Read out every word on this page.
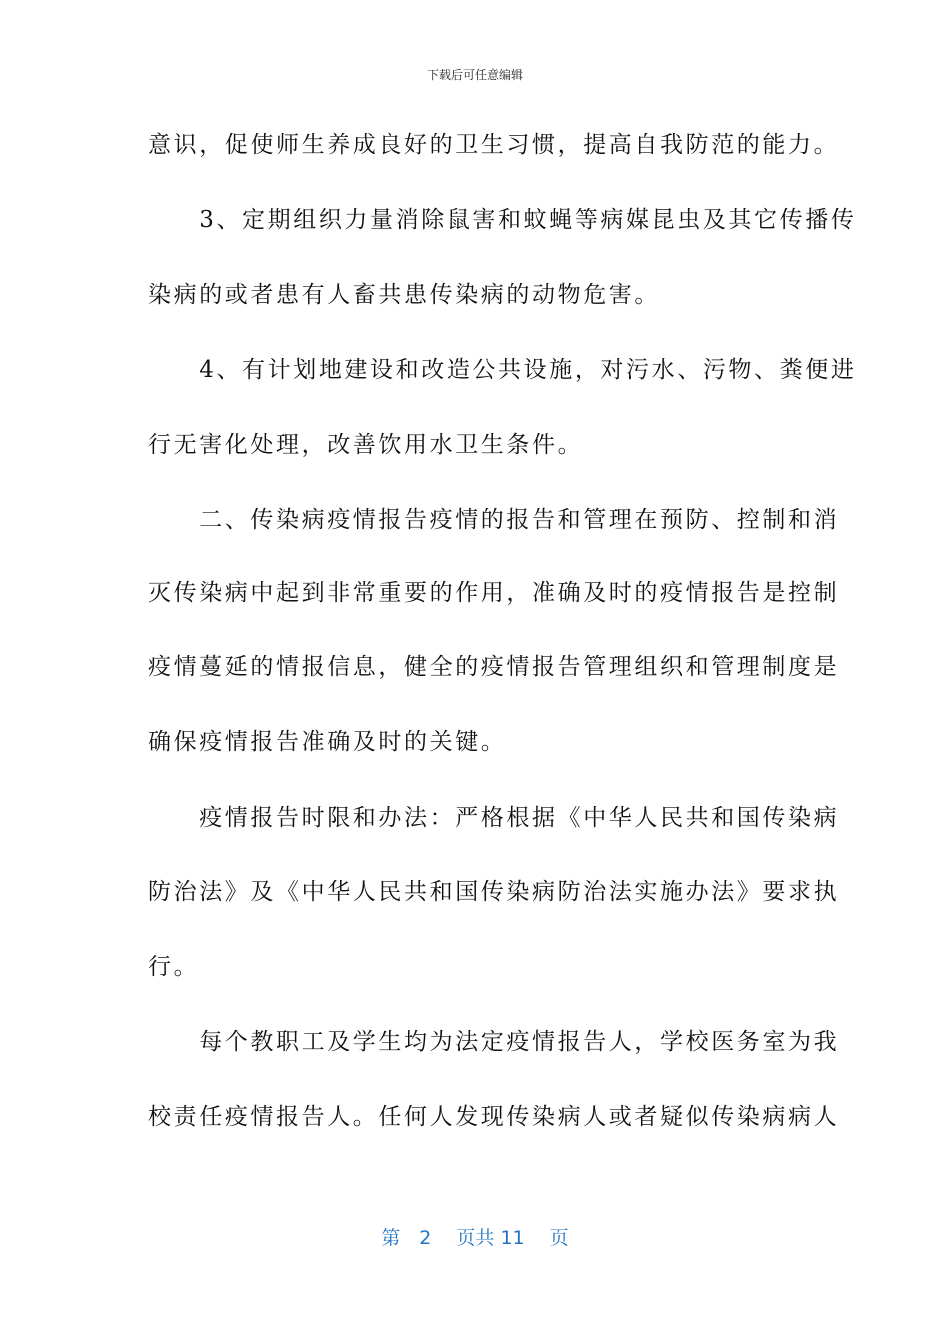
下载后可任意编辑
意识，促使师生养成良好的卫生习惯，提高自我防范的能力。
　　3、定期组织力量消除鼠害和蚊蝇等病媒昆虫及其它传播传
染病的或者患有人畜共患传染病的动物危害。
　　4、有计划地建设和改造公共设施，对污水、污物、粪便进
行无害化处理，改善饮用水卫生条件。
　　二、传染病疫情报告疫情的报告和管理在预防、控制和消
灭传染病中起到非常重要的作用，准确及时的疫情报告是控制
疫情蔓延的情报信息，健全的疫情报告管理组织和管理制度是
确保疫情报告准确及时的关键。
　　疫情报告时限和办法：严格根据《中华人民共和国传染病
防治法》及《中华人民共和国传染病防治法实施办法》要求执
行。
　　每个教职工及学生均为法定疫情报告人，学校医务室为我
校责任疫情报告人。任何人发现传染病人或者疑似传染病病人
第　2　 页共 11　 页
